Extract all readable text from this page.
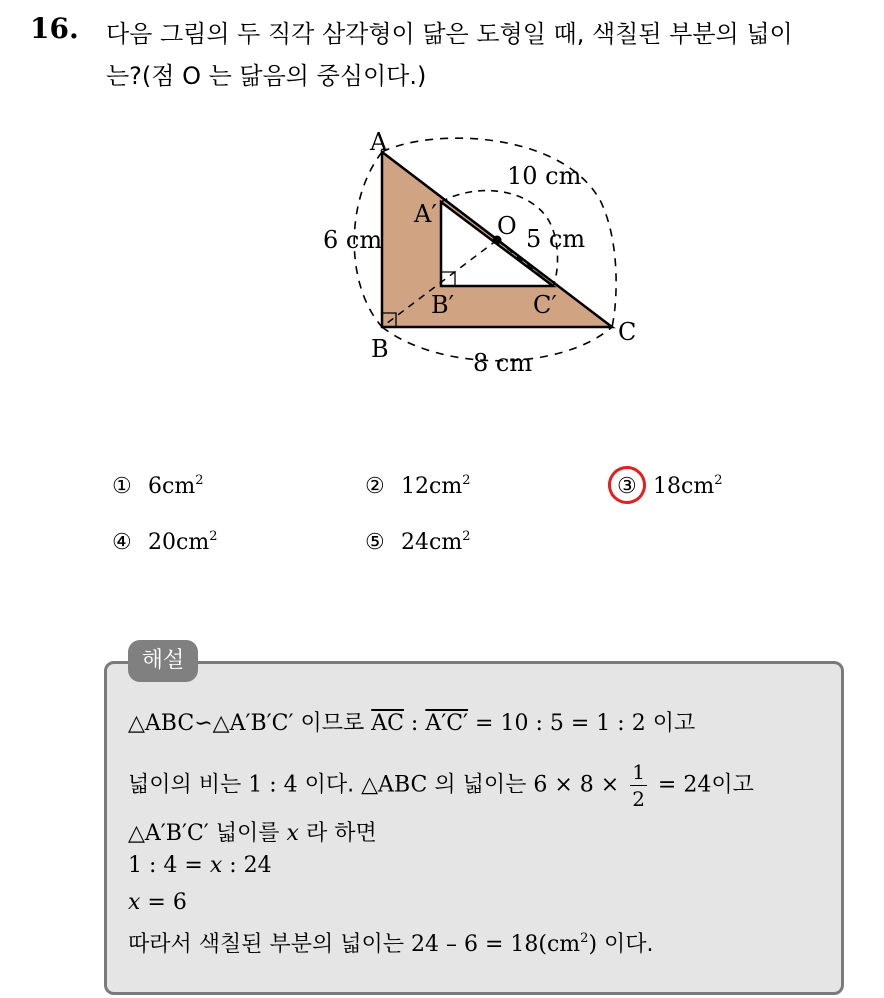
16. 다음 그림의 두 직각 삼각형이 닮은 도형일 때, 색칠된 부분의 넓이
는?(점 O 는 닮음의 중심이다.)
A
B
C
A′
B′	C′
O
10 cm
5 cm
6 cm
8 cm
① $6cm^2$	② $12cm^2$	③ $18cm^2$
④ $20cm^2$	⑤ $24cm^2$
해설
△ABC∽△A′B′C′ 이므로 $\overline{AC}$ : A′C′ = 10 : 5 = 1 : 2 이고
넓이의 비는 1 : 4 이다. △ABC 의 넓이는 $6 \times 8 \times \frac{1}{2} = 24$이고
△A′B′C′ 넓이를 x 라 하면
1 : 4 = x : 24
x = 6
따라서 색칠된 부분의 넓이는 $24 - 6 = 18(cm^2)$ 이다.
